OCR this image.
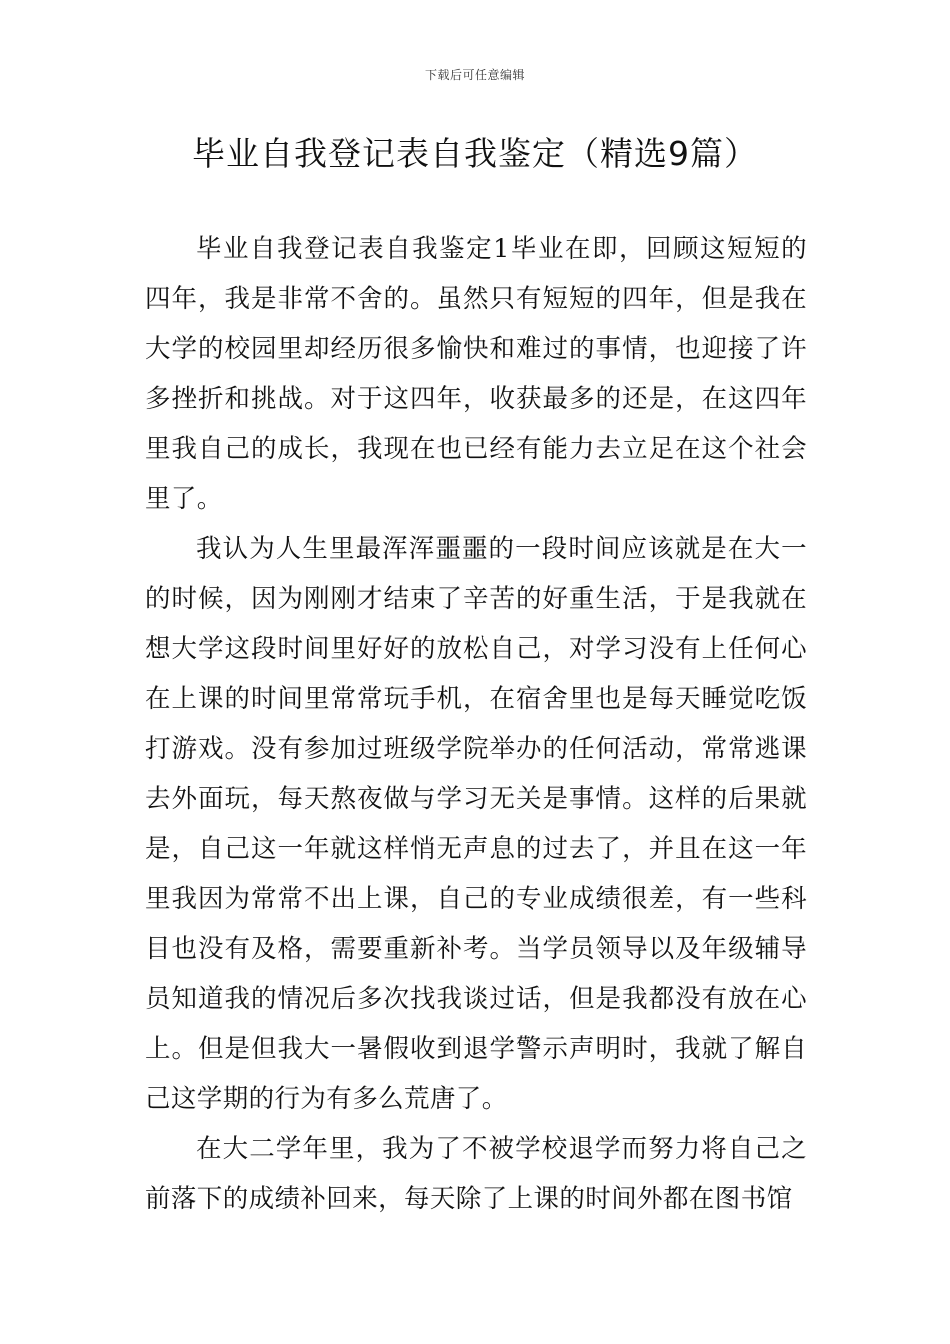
下载后可任意编辑
毕业自我登记表自我鉴定（精选9篇）

毕业自我登记表自我鉴定1毕业在即，回顾这短短的四年，我是非常不舍的。虽然只有短短的四年，但是我在大学的校园里却经历很多愉快和难过的事情，也迎接了许多挫折和挑战。对于这四年，收获最多的还是，在这四年里我自己的成长，我现在也已经有能力去立足在这个社会里了。

我认为人生里最浑浑噩噩的一段时间应该就是在大一的时候，因为刚刚才结束了辛苦的好重生活，于是我就在想大学这段时间里好好的放松自己，对学习没有上任何心在上课的时间里常常玩手机，在宿舍里也是每天睡觉吃饭打游戏。没有参加过班级学院举办的任何活动，常常逃课去外面玩，每天熬夜做与学习无关是事情。这样的后果就是，自己这一年就这样悄无声息的过去了，并且在这一年里我因为常常不出上课，自己的专业成绩很差，有一些科目也没有及格，需要重新补考。当学员领导以及年级辅导员知道我的情况后多次找我谈过话，但是我都没有放在心上。但是但我大一暑假收到退学警示声明时，我就了解自己这学期的行为有多么荒唐了。

在大二学年里，我为了不被学校退学而努力将自己之前落下的成绩补回来，每天除了上课的时间外都在图书馆
